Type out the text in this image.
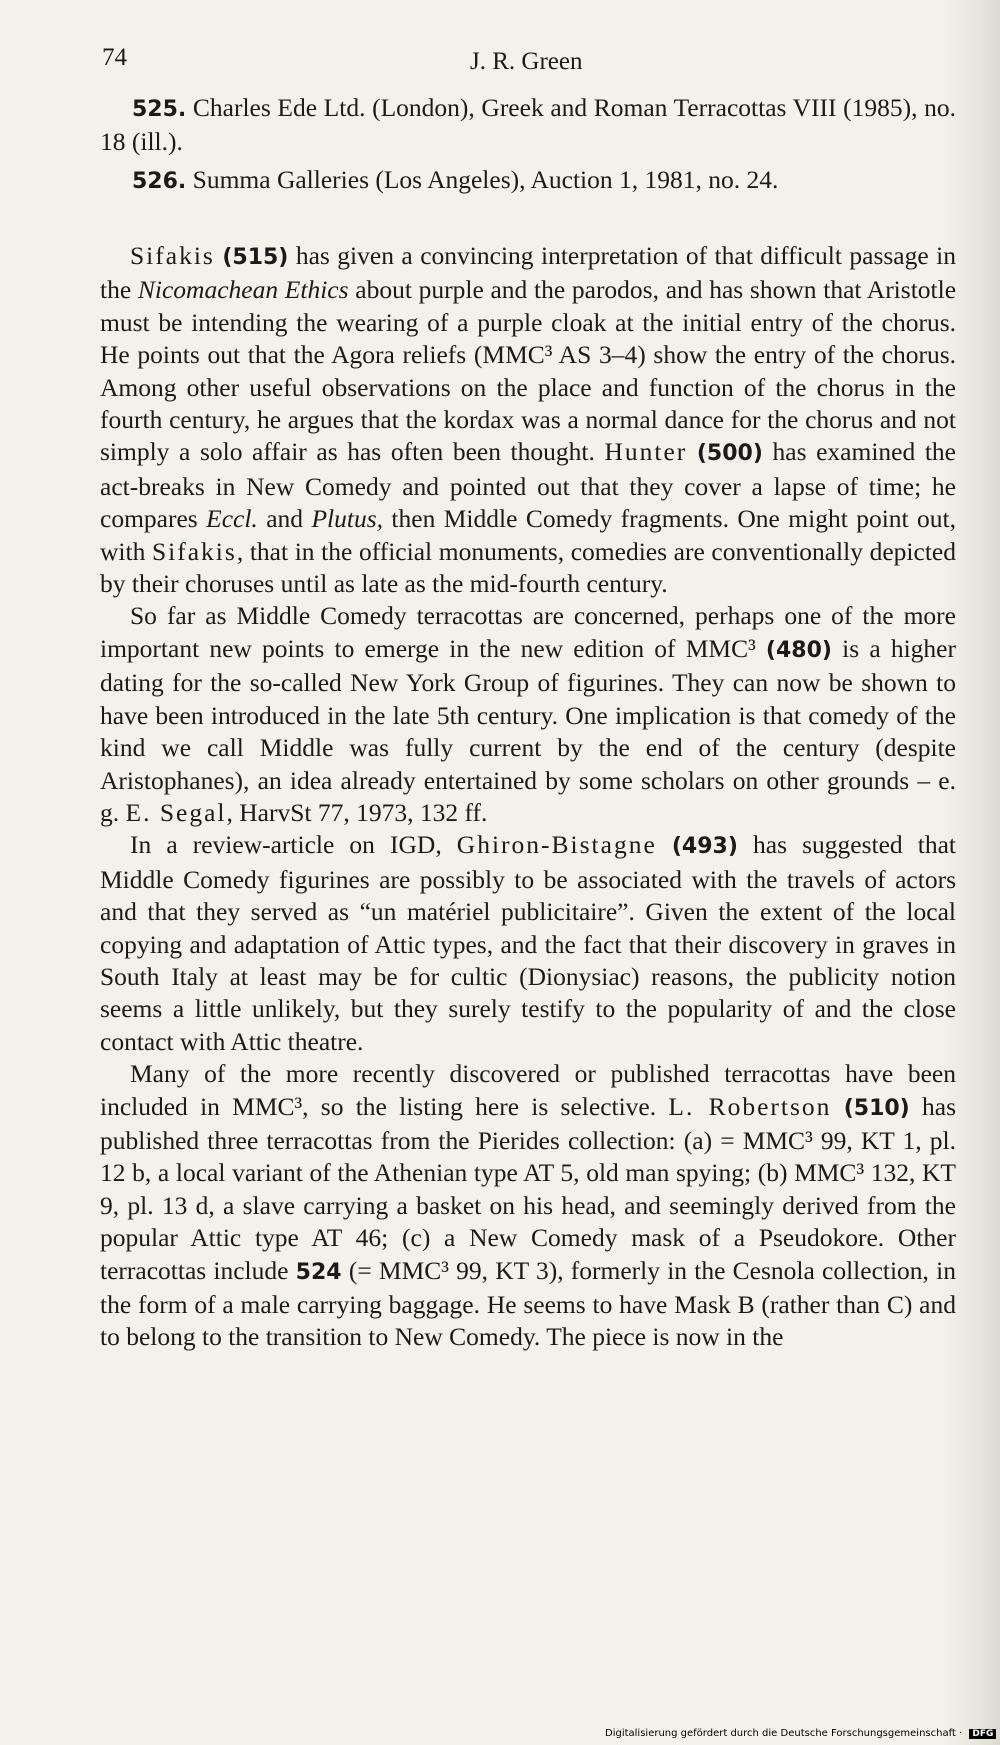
74	J. R. Green
525. Charles Ede Ltd. (London), Greek and Roman Terracottas VIII (1985), no. 18 (ill.).
526. Summa Galleries (Los Angeles), Auction 1, 1981, no. 24.

Sifakis (515) has given a convincing interpretation of that difficult passage in the Nicomachean Ethics about purple and the parodos, and has shown that Aristotle must be intending the wearing of a purple cloak at the initial entry of the chorus. He points out that the Agora reliefs (MMC³ AS 3–4) show the entry of the chorus. Among other useful observations on the place and function of the chorus in the fourth century, he argues that the kordax was a normal dance for the chorus and not simply a solo affair as has often been thought. Hunter (500) has examined the act-breaks in New Comedy and pointed out that they cover a lapse of time; he compares Eccl. and Plutus, then Middle Comedy fragments. One might point out, with Sifakis, that in the official monuments, comedies are conventionally depicted by their choruses until as late as the mid-fourth century.

So far as Middle Comedy terracottas are concerned, perhaps one of the more important new points to emerge in the new edition of MMC³ (480) is a higher dating for the so-called New York Group of figurines. They can now be shown to have been introduced in the late 5th century. One implication is that comedy of the kind we call Middle was fully current by the end of the century (despite Aristophanes), an idea already entertained by some scholars on other grounds – e. g. E. Segal, HarvSt 77, 1973, 132 ff.

In a review-article on IGD, Ghiron-Bistagne (493) has suggested that Middle Comedy figurines are possibly to be associated with the travels of actors and that they served as “un matériel publicitaire”. Given the extent of the local copying and adaptation of Attic types, and the fact that their discovery in graves in South Italy at least may be for cultic (Dionysiac) reasons, the publicity notion seems a little unlikely, but they surely testify to the popularity of and the close contact with Attic theatre.

Many of the more recently discovered or published terracottas have been included in MMC³, so the listing here is selective. L. Robertson (510) has published three terracottas from the Pierides collection: (a) = MMC³ 99, KT 1, pl. 12 b, a local variant of the Athenian type AT 5, old man spying; (b) MMC³ 132, KT 9, pl. 13 d, a slave carrying a basket on his head, and seemingly derived from the popular Attic type AT 46; (c) a New Comedy mask of a Pseudokore. Other terracottas include 524 (= MMC³ 99, KT 3), formerly in the Cesnola collection, in the form of a male carrying baggage. He seems to have Mask B (rather than C) and to belong to the transition to New Comedy. The piece is now in the

Digitalisierung gefördert durch die Deutsche Forschungsgemeinschaft · DFG
